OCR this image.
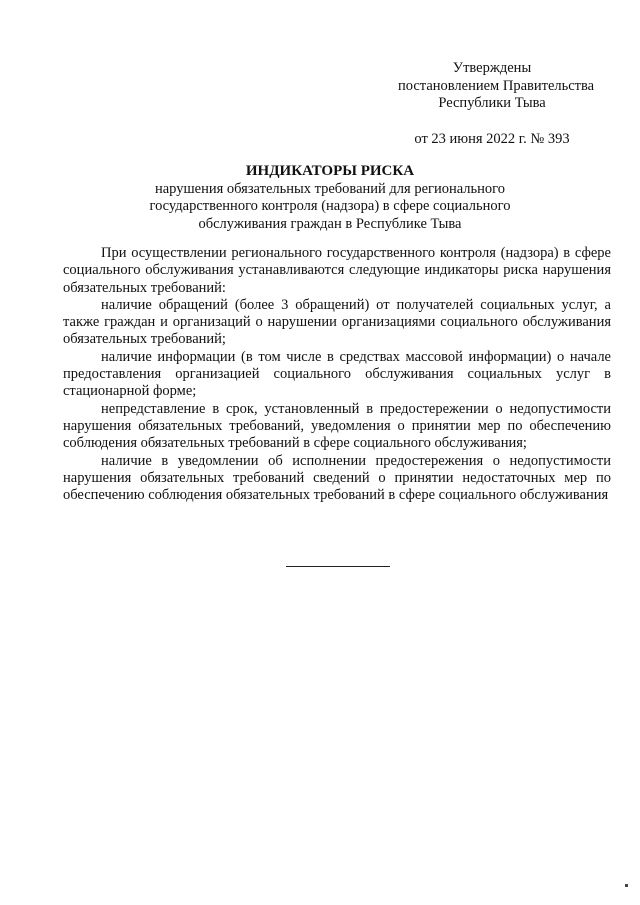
Утверждены
постановлением Правительства
Республики Тыва
от 23 июня 2022 г. № 393
ИНДИКАТОРЫ РИСКА
нарушения обязательных требований для регионального
государственного контроля (надзора) в сфере социального
обслуживания граждан в Республике Тыва

При осуществлении регионального государственного контроля (надзора) в сфере социального обслуживания устанавливаются следующие индикаторы риска нарушения обязательных требований:

наличие обращений (более 3 обращений) от получателей социальных услуг, а также граждан и организаций о нарушении организациями социального обслуживания обязательных требований;

наличие информации (в том числе в средствах массовой информации) о начале предоставления организацией социального обслуживания социальных услуг в стационарной форме;

непредставление в срок, установленный в предостережении о недопустимости нарушения обязательных требований, уведомления о принятии мер по обеспечению соблюдения обязательных требований в сфере социального обслуживания;

наличие в уведомлении об исполнении предостережения о недопустимости нарушения обязательных требований сведений о принятии недостаточных мер по обеспечению соблюдения обязательных требований в сфере социального обслуживания
